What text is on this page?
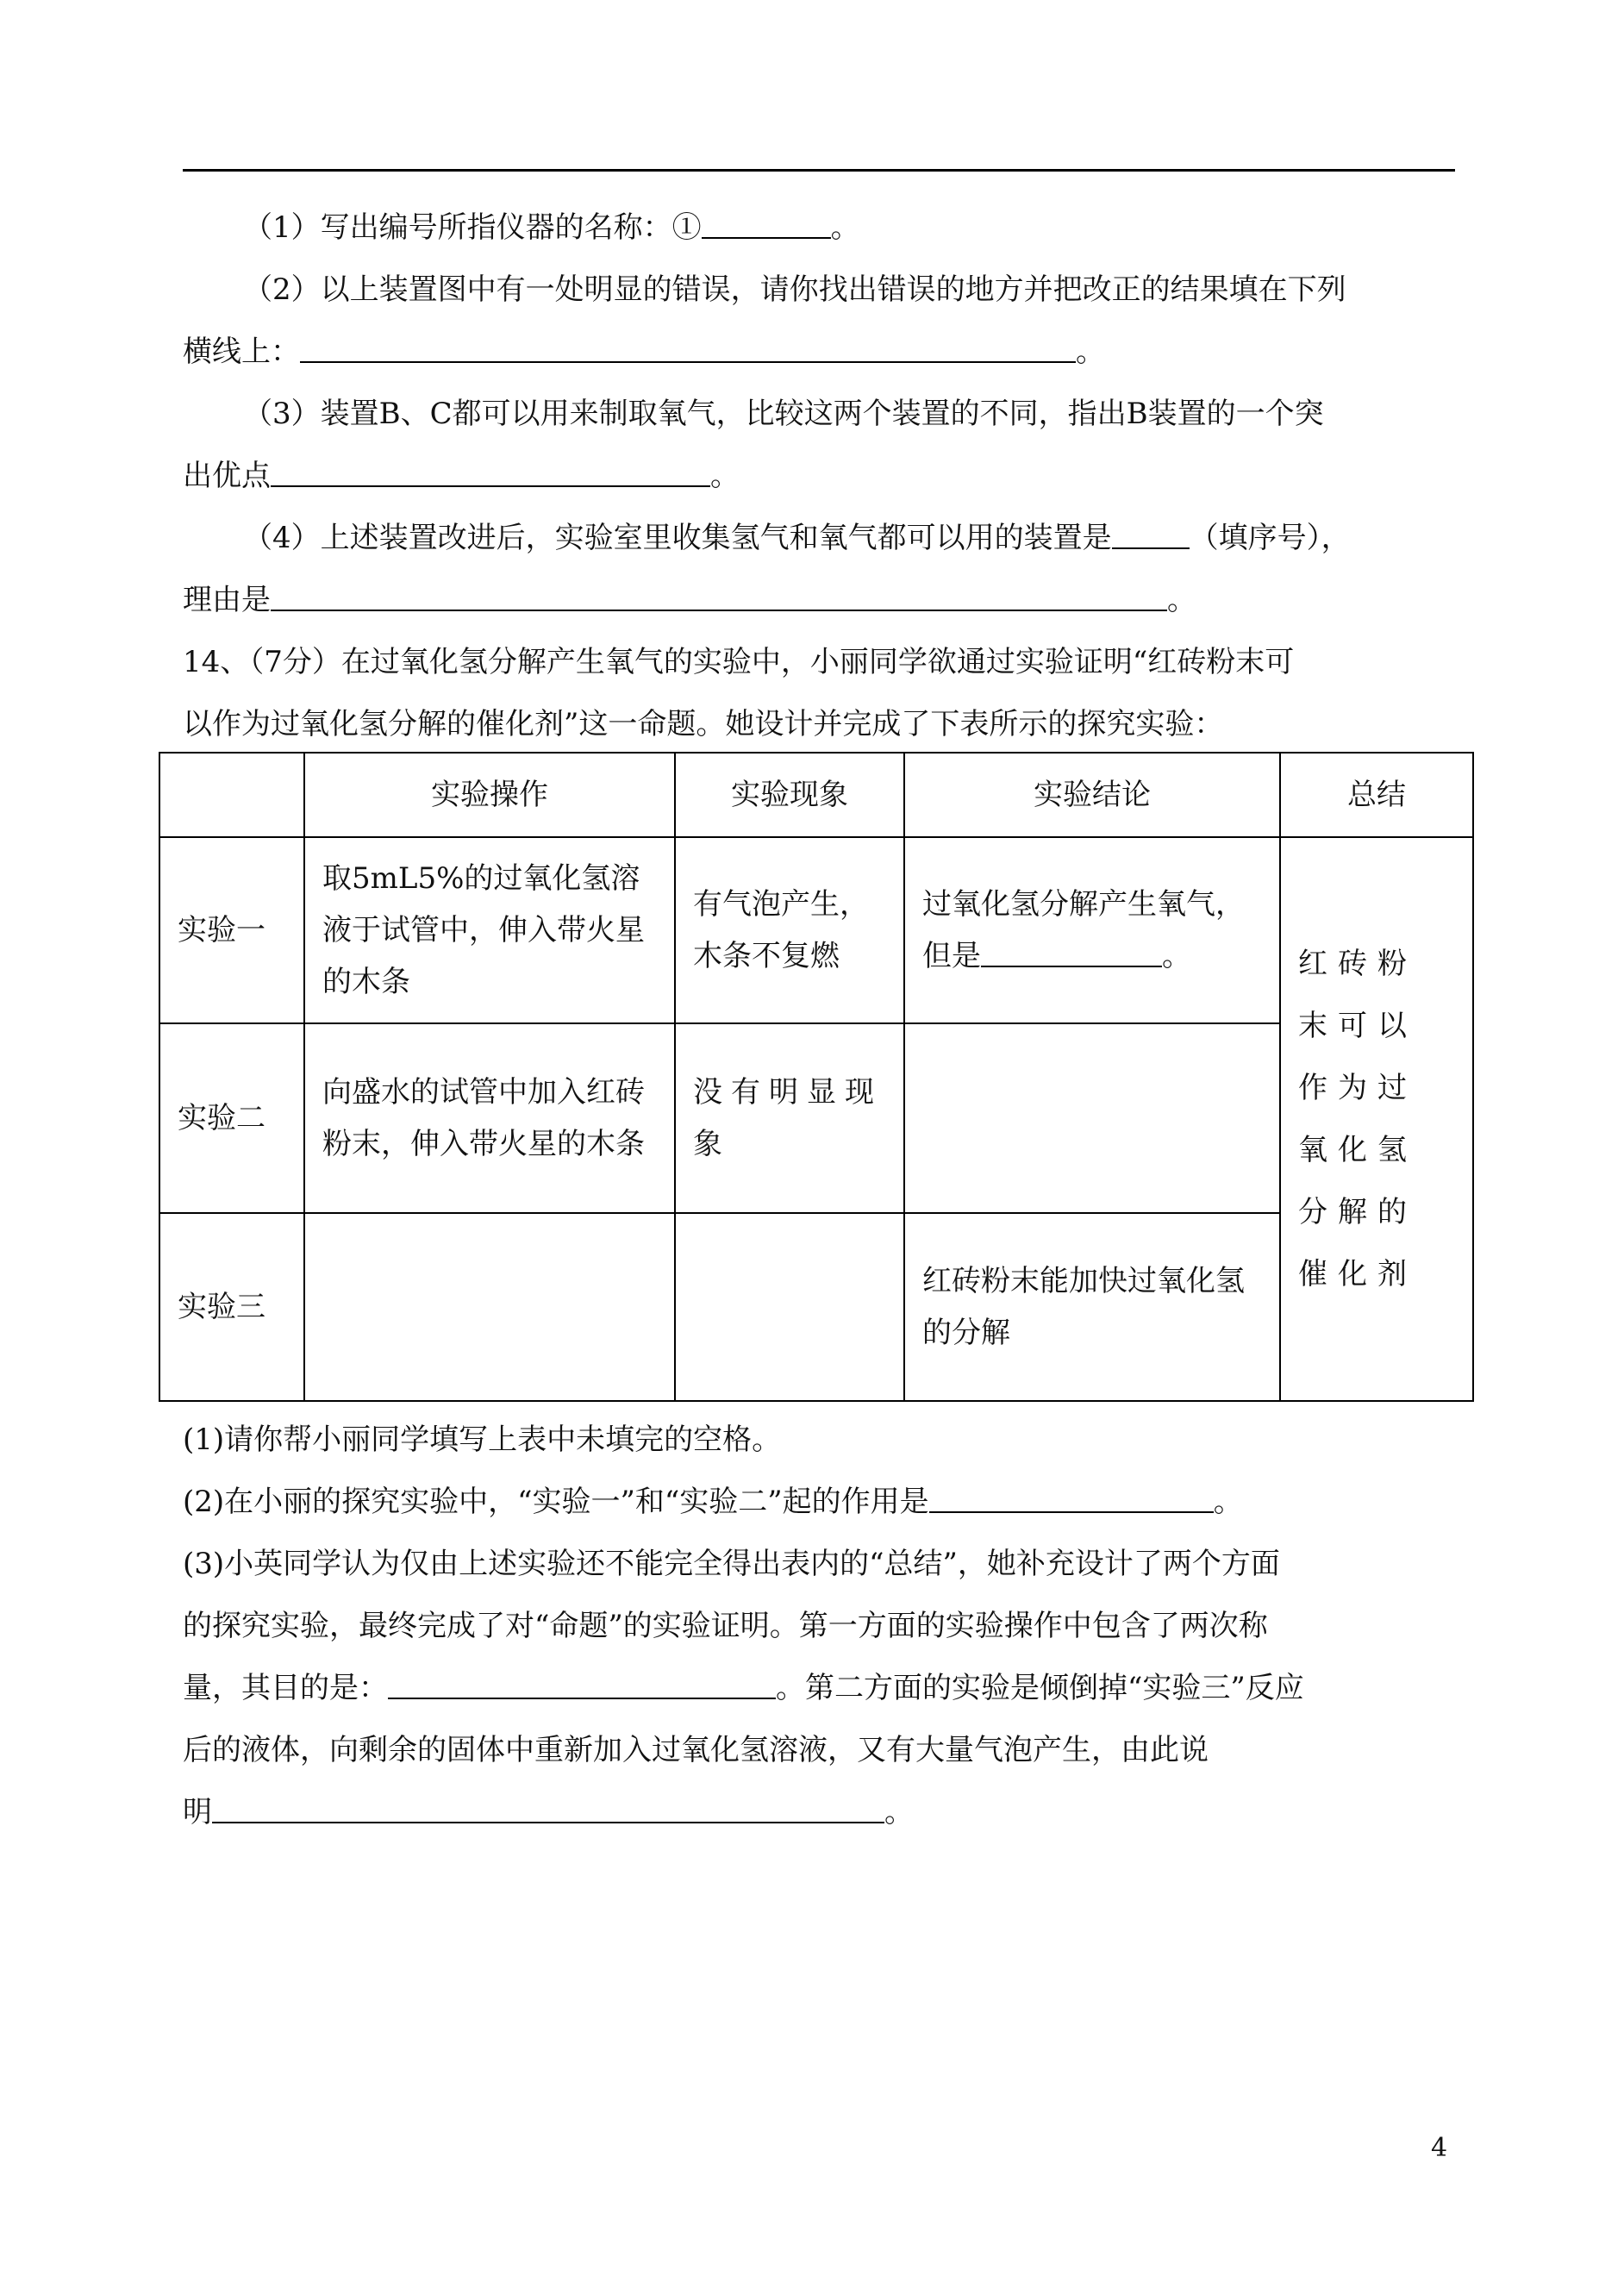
（1）写出编号所指仪器的名称：①	。
（2）以上装置图中有一处明显的错误，请你找出错误的地方并把改正的结果填在下列
横线上：	。
（3）装置B、C都可以用来制取氧气，比较这两个装置的不同，指出B装置的一个突
出优点	。
（4）上述装置改进后，实验室里收集氢气和氧气都可以用的装置是	（填序号），
理由是	。
14、（7分）在过氧化氢分解产生氧气的实验中，小丽同学欲通过实验证明“红砖粉末可
以作为过氧化氢分解的催化剂”这一命题。她设计并完成了下表所示的探究实验：
	实验操作	实验现象	实验结论	总结
实验一	取5mL5%的过氧化氢溶液于试管中，伸入带火星的木条	有气泡产生，木条不复燃	过氧化氢分解产生氧气，
但是 。	红砖粉末可以作为过氧化氢分解的催化剂
实验二	向盛水的试管中加入红砖粉末，伸入带火星的木条	没有明显现象		
实验三			红砖粉末能加快过氧化氢的分解	
(1)请你帮小丽同学填写上表中未填完的空格。
(2)在小丽的探究实验中，“实验一”和“实验二”起的作用是	。
(3)小英同学认为仅由上述实验还不能完全得出表内的“总结”，她补充设计了两个方面
的探究实验，最终完成了对“命题”的实验证明。第一方面的实验操作中包含了两次称
量，其目的是：	。第二方面的实验是倾倒掉“实验三”反应
后的液体，向剩余的固体中重新加入过氧化氢溶液，又有大量气泡产生，由此说
明	。
4
